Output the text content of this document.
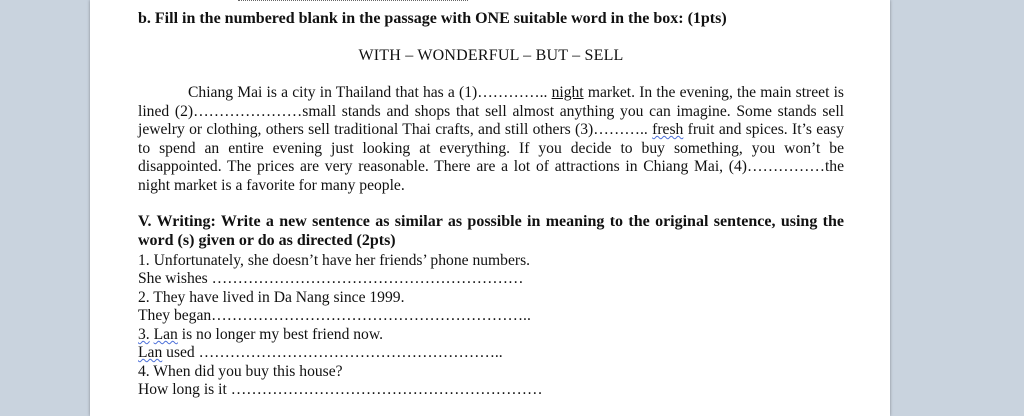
b. Fill in the numbered blank in the passage with ONE suitable word in the box: (1pts)
WITH – WONDERFUL – BUT – SELL
Chiang Mai is a city in Thailand that has a (1)………….. night market. In the evening, the main street is lined (2)…………………small stands and shops that sell almost anything you can imagine. Some stands sell jewelry or clothing, others sell traditional Thai crafts, and still others (3)……….. fresh fruit and spices. It’s easy to spend an entire evening just looking at everything. If you decide to buy something, you won’t be disappointed. The prices are very reasonable. There are a lot of attractions in Chiang Mai, (4)……………the night market is a favorite for many people.
V. Writing: Write a new sentence as similar as possible in meaning to the original sentence, using the word (s) given or do as directed (2pts)
1. Unfortunately, she doesn’t have her friends’ phone numbers.
She wishes ……………………………………………………
2. They have lived in Da Nang since 1999.
They began……………………………………………………..
3. Lan is no longer my best friend now.
Lan used …………………………………………………..
4. When did you buy this house?
How long is it ……………………………………………………
